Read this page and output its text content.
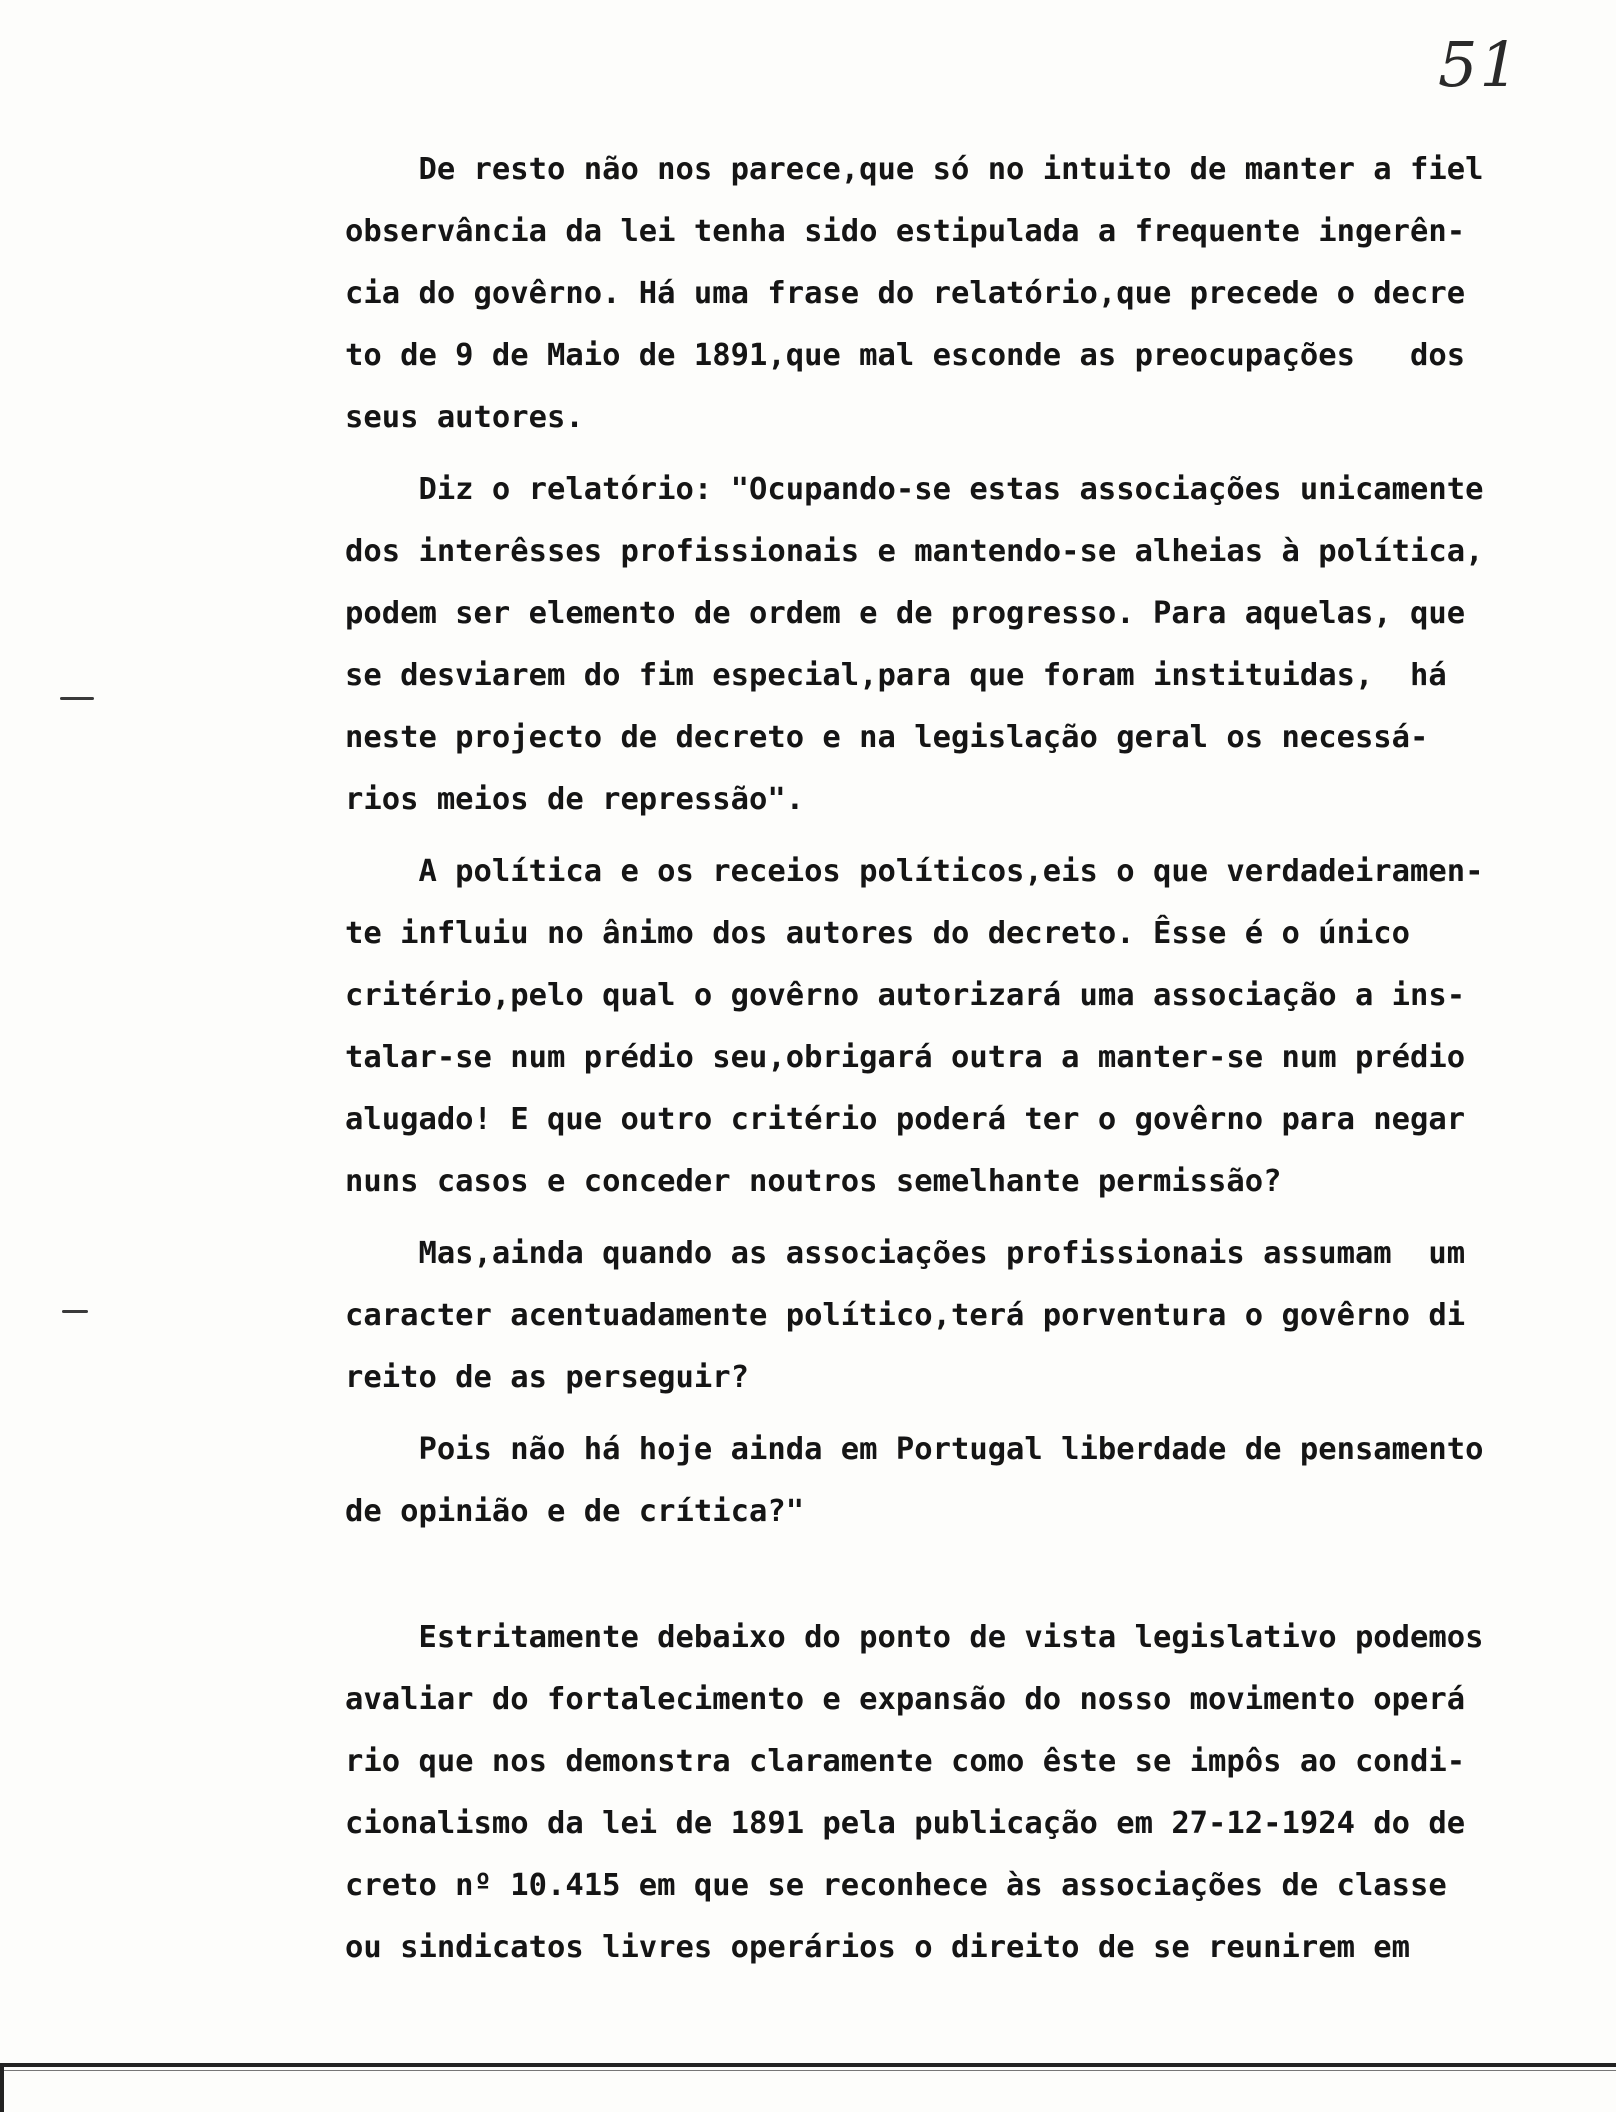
51

De resto não nos parece,que só no intuito de manter a fiel

observância da lei tenha sido estipulada a frequente ingerên-

cia do govêrno. Há uma frase do relatório,que precede o decre

to de 9 de Maio de 1891,que mal esconde as preocupações   dos

seus autores.

Diz o relatório: "Ocupando-se estas associações unicamente

dos interêsses profissionais e mantendo-se alheias à política,

podem ser elemento de ordem e de progresso. Para aquelas, que

se desviarem do fim especial,para que foram instituidas,  há

neste projecto de decreto e na legislação geral os necessá-

rios meios de repressão".

A política e os receios políticos,eis o que verdadeiramen-

te influiu no ânimo dos autores do decreto. Êsse é o único

critério,pelo qual o govêrno autorizará uma associação a ins-

talar-se num prédio seu,obrigará outra a manter-se num prédio

alugado! E que outro critério poderá ter o govêrno para negar

nuns casos e conceder noutros semelhante permissão?

Mas,ainda quando as associações profissionais assumam  um

caracter acentuadamente político,terá porventura o govêrno di

reito de as perseguir?

Pois não há hoje ainda em Portugal liberdade de pensamento

de opinião e de crítica?"

Estritamente debaixo do ponto de vista legislativo podemos

avaliar do fortalecimento e expansão do nosso movimento operá

rio que nos demonstra claramente como êste se impôs ao condi-

cionalismo da lei de 1891 pela publicação em 27-12-1924 do de

creto nº 10.415 em que se reconhece às associações de classe

ou sindicatos livres operários o direito de se reunirem em
